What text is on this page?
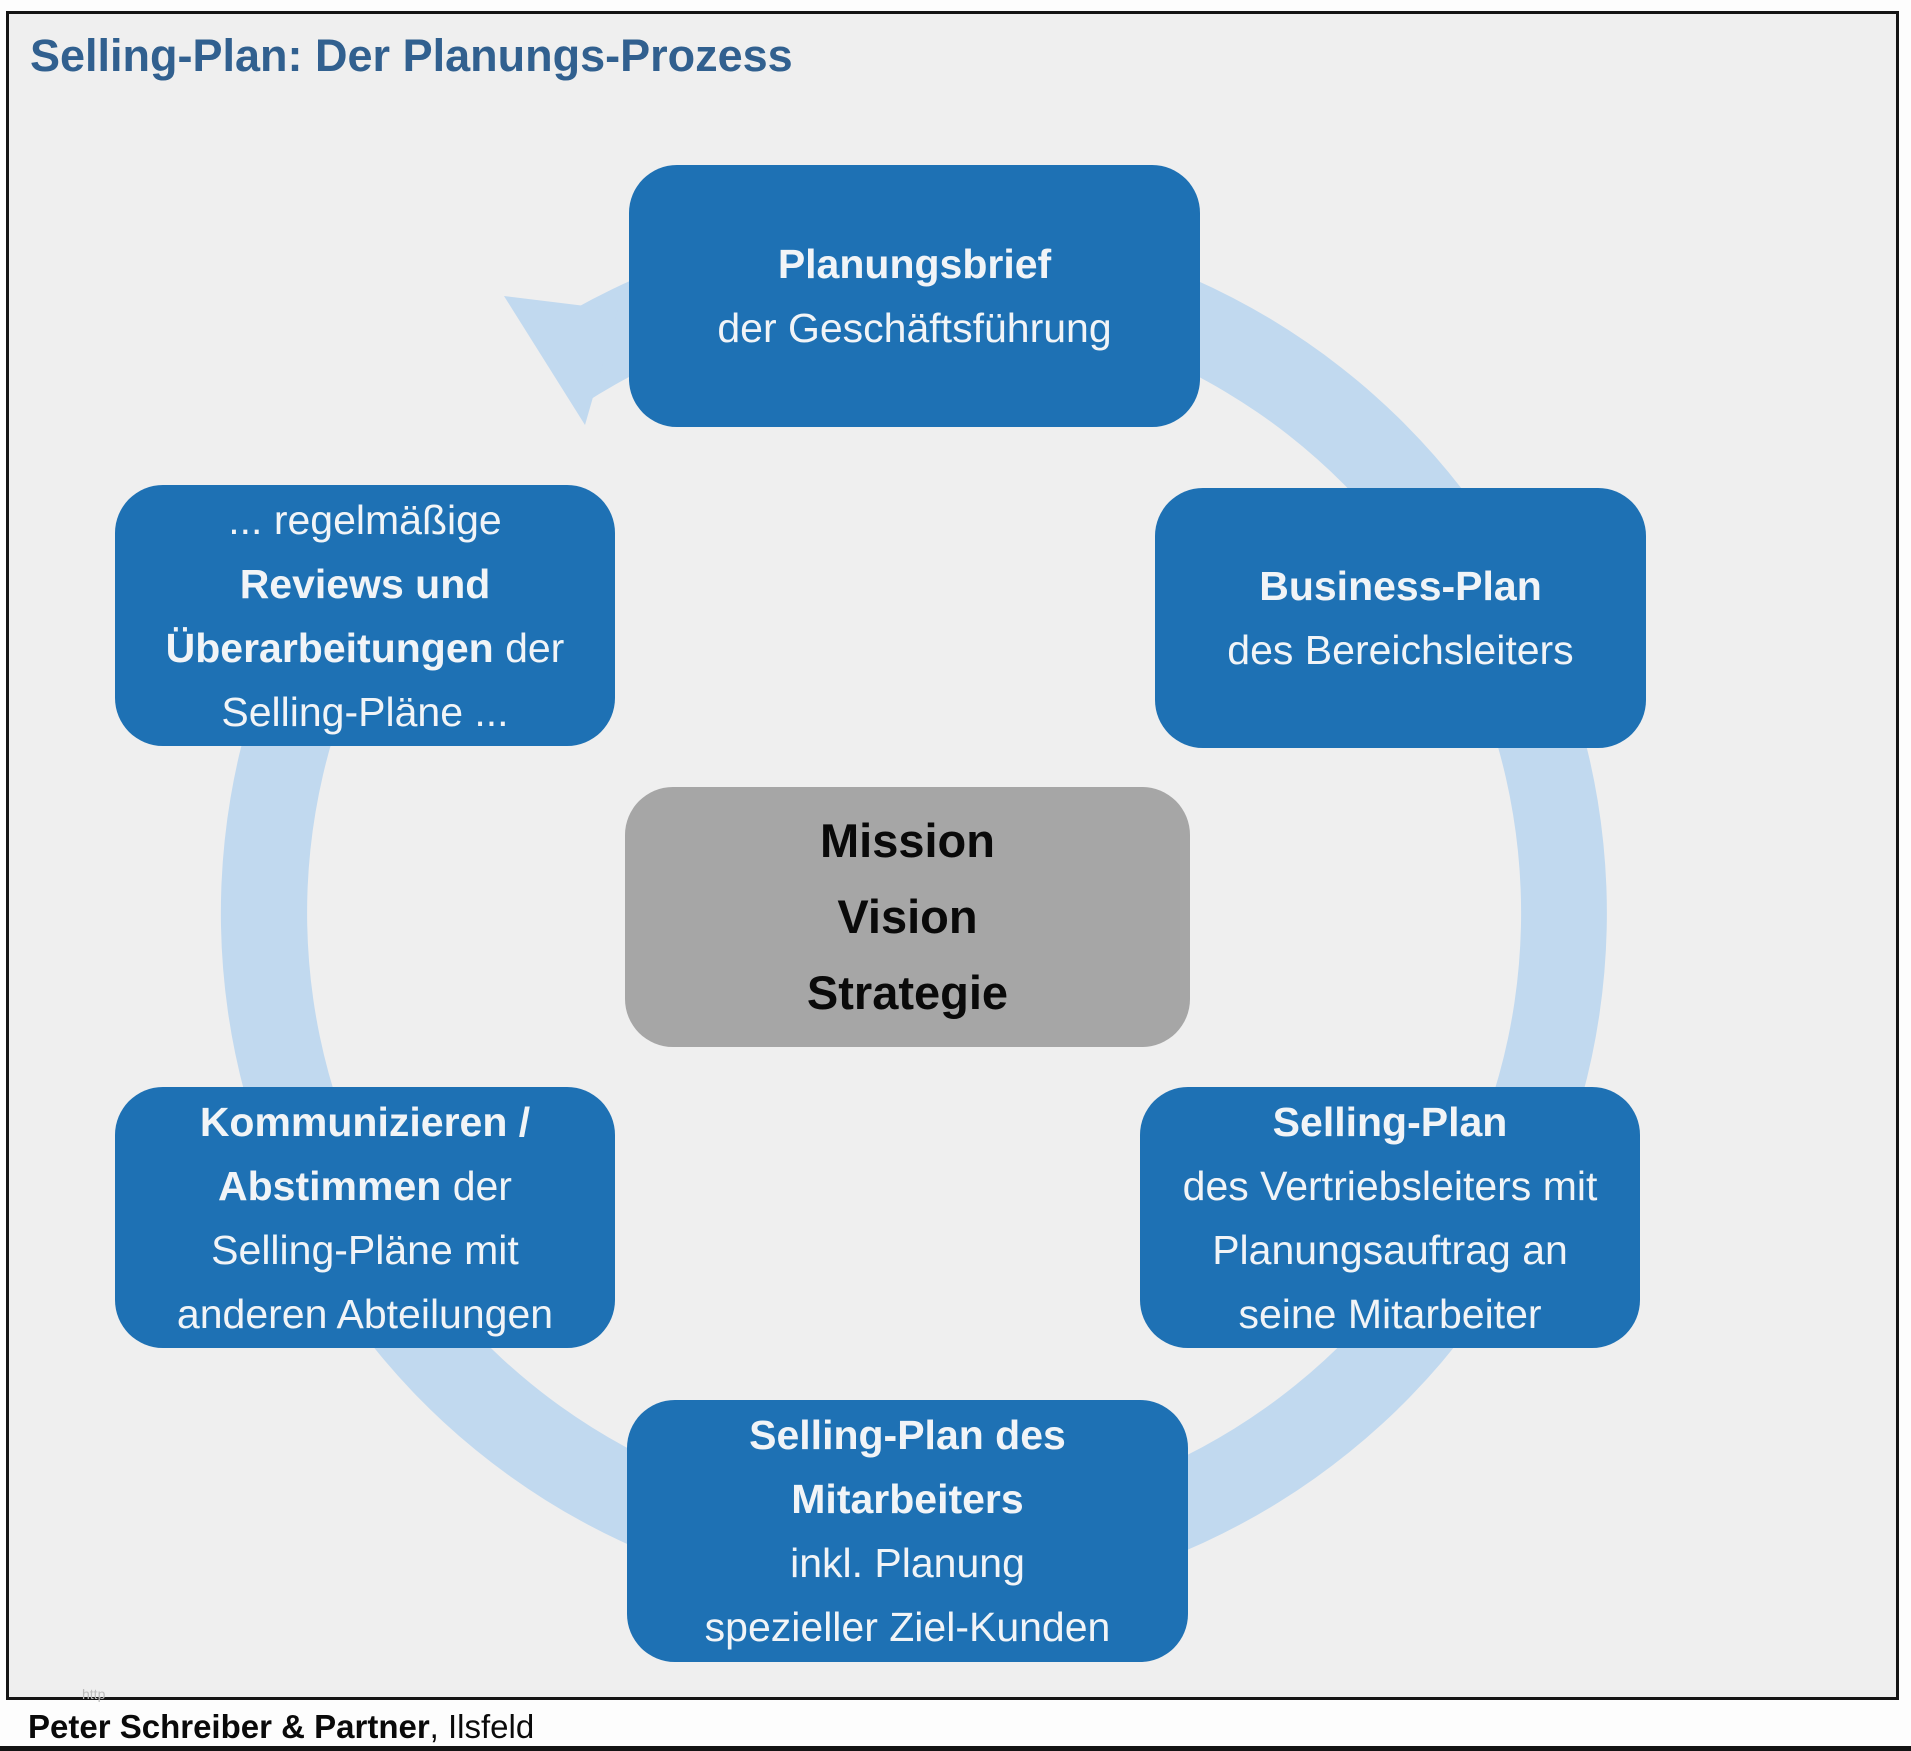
Selling-Plan: Der Planungs-Prozess
Planungsbrief
der Geschäftsführung
Business-Plan
des Bereichsleiters
Selling-Plan
des Vertriebsleiters mit
Planungsauftrag an
seine Mitarbeiter
Selling-Plan des
Mitarbeiters
inkl. Planung
spezieller Ziel-Kunden
Kommunizieren /
Abstimmen der
Selling-Pläne mit
anderen Abteilungen
... regelmäßige
Reviews und
Überarbeitungen der
Selling-Pläne ...
Mission
Vision
Strategie
http
Peter Schreiber & Partner, Ilsfeld
